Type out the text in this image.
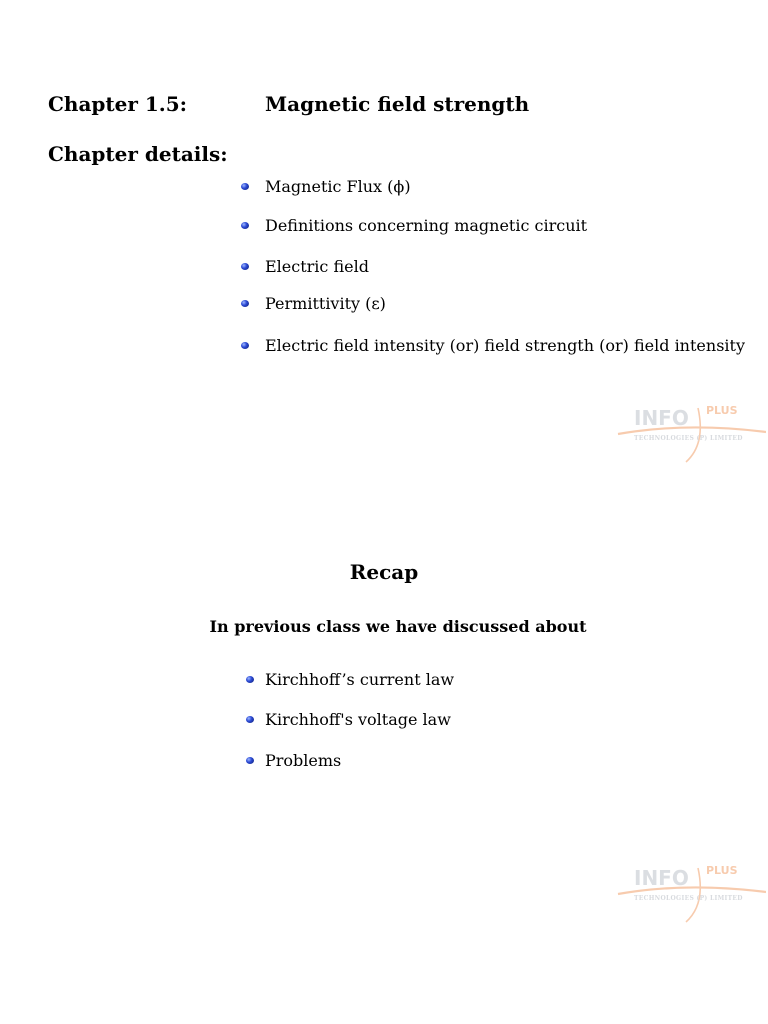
Chapter 1.5:	Magnetic field strength
Chapter details:
Magnetic Flux (ϕ)
Definitions concerning magnetic circuit
Electric field
Permittivity (ε)
Electric field intensity (or) field strength (or) field intensity
INFO PLUS
TECHNOLOGIES (P) LIMITED
Recap
In previous class we have discussed about
Kirchhoff’s current law
Kirchhoff's voltage law
Problems
INFO PLUS
TECHNOLOGIES (P) LIMITED
